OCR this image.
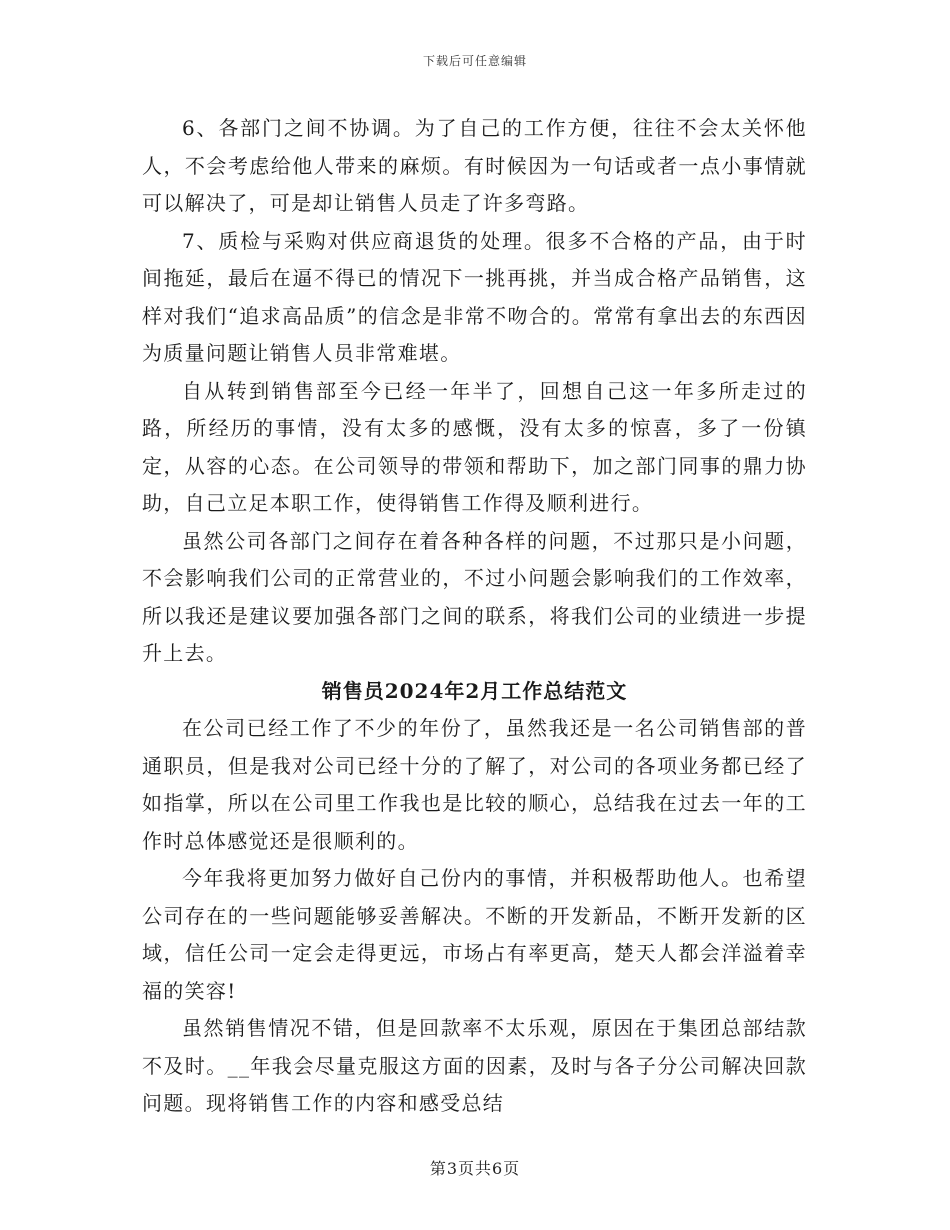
下载后可任意编辑

6、各部门之间不协调。为了自己的工作方便，往往不会太关怀他人，不会考虑给他人带来的麻烦。有时候因为一句话或者一点小事情就可以解决了，可是却让销售人员走了许多弯路。

7、质检与采购对供应商退货的处理。很多不合格的产品，由于时间拖延，最后在逼不得已的情况下一挑再挑，并当成合格产品销售，这样对我们“追求高品质”的信念是非常不吻合的。常常有拿出去的东西因为质量问题让销售人员非常难堪。

自从转到销售部至今已经一年半了，回想自己这一年多所走过的路，所经历的事情，没有太多的感慨，没有太多的惊喜，多了一份镇定，从容的心态。在公司领导的带领和帮助下，加之部门同事的鼎力协助，自己立足本职工作，使得销售工作得及顺利进行。

虽然公司各部门之间存在着各种各样的问题，不过那只是小问题，不会影响我们公司的正常营业的，不过小问题会影响我们的工作效率，所以我还是建议要加强各部门之间的联系，将我们公司的业绩进一步提升上去。

销售员2024年2月工作总结范文

在公司已经工作了不少的年份了，虽然我还是一名公司销售部的普通职员，但是我对公司已经十分的了解了，对公司的各项业务都已经了如指掌，所以在公司里工作我也是比较的顺心，总结我在过去一年的工作时总体感觉还是很顺利的。

今年我将更加努力做好自己份内的事情，并积极帮助他人。也希望公司存在的一些问题能够妥善解决。不断的开发新品，不断开发新的区域，信任公司一定会走得更远，市场占有率更高，楚天人都会洋溢着幸福的笑容!

虽然销售情况不错，但是回款率不太乐观，原因在于集团总部结款不及时。__年我会尽量克服这方面的因素，及时与各子分公司解决回款问题。现将销售工作的内容和感受总结

第3页共6页
